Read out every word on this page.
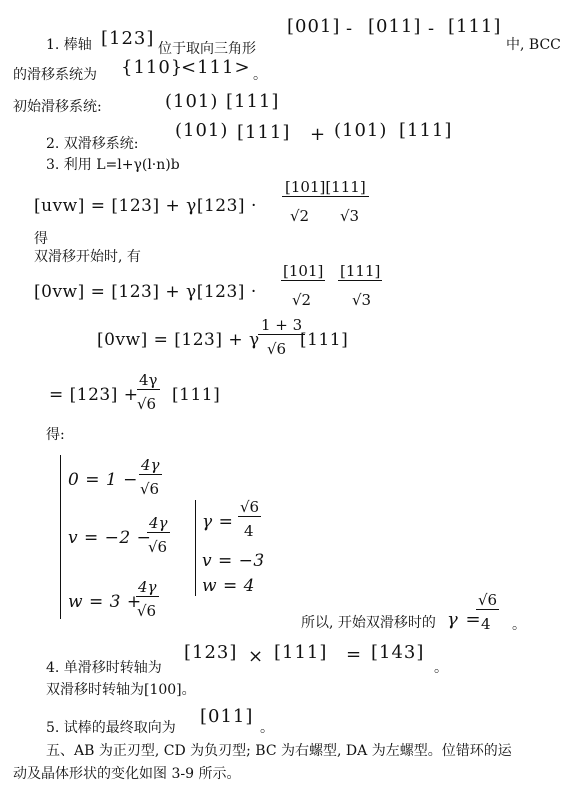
1. 棒轴 [123] 位于取向三角形
[001] - [011] - [111]
中, BCC
的滑移系统为 {110}
<111> 。
初始滑移系统:	(101) [111]
2. 双滑移系统:
(101) [111] + (101) [111]
3. 利用 L=l+γ(l·n)b
[uvw] = [123] + γ[123] ·
[101][111]
√2 √3
得
双滑移开始时, 有
[0vw] = [123] + γ[123] ·
[101] [111]
√2	√3
[0vw] = [123] + γ
1 + 3
√6 [111]
= [123] +
4γ
√6 [111]
得:
0 = 1 −
4γ
√6
v = −2 −
4γ
√6
w = 3 +
4γ
√6
γ =
√6
4
v = −3
w = 4
所以, 开始双滑移时的 γ =
√6
4 。
4. 单滑移时转轴为
[123] × [111] = [143]
。
双滑移时转轴为[100]。
5. 试棒的最终取向为
[011]
。
五、AB 为正刃型, CD 为负刃型; BC 为右螺型, DA 为左螺型。位错环的运
动及晶体形状的变化如图 3-9 所示。
